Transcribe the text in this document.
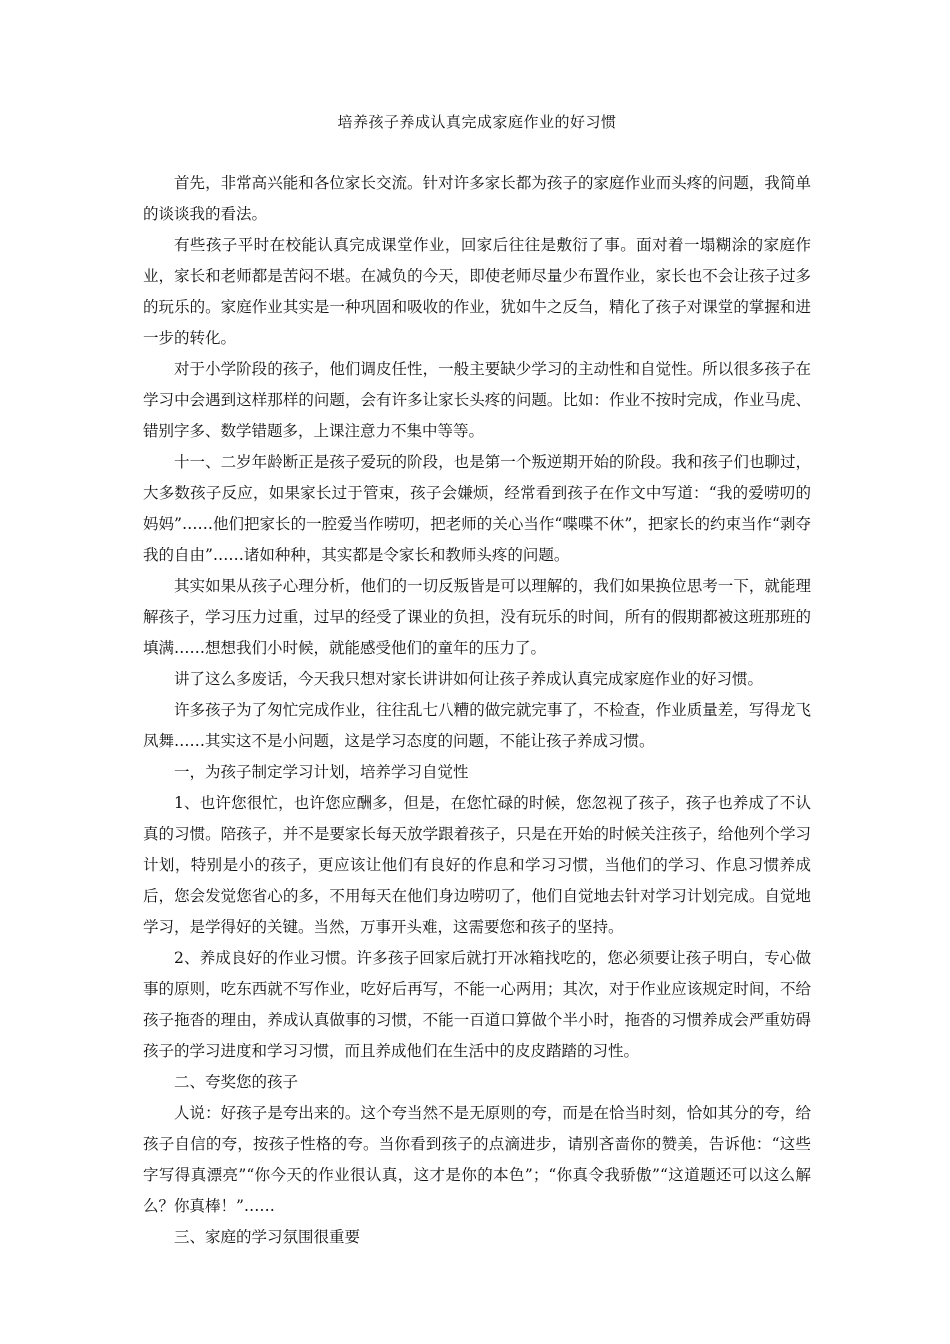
培养孩子养成认真完成家庭作业的好习惯

首先，非常高兴能和各位家长交流。针对许多家长都为孩子的家庭作业而头疼的问题，我简单的谈谈我的看法。

有些孩子平时在校能认真完成课堂作业，回家后往往是敷衍了事。面对着一塌糊涂的家庭作业，家长和老师都是苦闷不堪。在减负的今天，即使老师尽量少布置作业，家长也不会让孩子过多的玩乐的。家庭作业其实是一种巩固和吸收的作业，犹如牛之反刍，精化了孩子对课堂的掌握和进一步的转化。

对于小学阶段的孩子，他们调皮任性，一般主要缺少学习的主动性和自觉性。所以很多孩子在学习中会遇到这样那样的问题，会有许多让家长头疼的问题。比如：作业不按时完成，作业马虎、错别字多、数学错题多，上课注意力不集中等等。

十一、二岁年龄断正是孩子爱玩的阶段，也是第一个叛逆期开始的阶段。我和孩子们也聊过，大多数孩子反应，如果家长过于管束，孩子会嫌烦，经常看到孩子在作文中写道：“我的爱唠叨的妈妈”……他们把家长的一腔爱当作唠叨，把老师的关心当作“喋喋不休”，把家长的约束当作“剥夺我的自由”……诸如种种，其实都是令家长和教师头疼的问题。

其实如果从孩子心理分析，他们的一切反叛皆是可以理解的，我们如果换位思考一下，就能理解孩子，学习压力过重，过早的经受了课业的负担，没有玩乐的时间，所有的假期都被这班那班的填满……想想我们小时候，就能感受他们的童年的压力了。

讲了这么多废话，今天我只想对家长讲讲如何让孩子养成认真完成家庭作业的好习惯。

许多孩子为了匆忙完成作业，往往乱七八糟的做完就完事了，不检查，作业质量差，写得龙飞凤舞……其实这不是小问题，这是学习态度的问题，不能让孩子养成习惯。

一，为孩子制定学习计划，培养学习自觉性

1、也许您很忙，也许您应酬多，但是，在您忙碌的时候，您忽视了孩子，孩子也养成了不认真的习惯。陪孩子，并不是要家长每天放学跟着孩子，只是在开始的时候关注孩子，给他列个学习计划，特别是小的孩子，更应该让他们有良好的作息和学习习惯，当他们的学习、作息习惯养成后，您会发觉您省心的多，不用每天在他们身边唠叨了，他们自觉地去针对学习计划完成。自觉地学习，是学得好的关键。当然，万事开头难，这需要您和孩子的坚持。

2、养成良好的作业习惯。许多孩子回家后就打开冰箱找吃的，您必须要让孩子明白，专心做事的原则，吃东西就不写作业，吃好后再写，不能一心两用；其次，对于作业应该规定时间，不给孩子拖沓的理由，养成认真做事的习惯，不能一百道口算做个半小时，拖沓的习惯养成会严重妨碍孩子的学习进度和学习习惯，而且养成他们在生活中的皮皮踏踏的习性。

二、夸奖您的孩子

人说：好孩子是夸出来的。这个夸当然不是无原则的夸，而是在恰当时刻，恰如其分的夸，给孩子自信的夸，按孩子性格的夸。当你看到孩子的点滴进步，请别吝啬你的赞美，告诉他：“这些字写得真漂亮”“你今天的作业很认真，这才是你的本色”；“你真令我骄傲”“这道题还可以这么解么？你真棒！”……

三、家庭的学习氛围很重要
